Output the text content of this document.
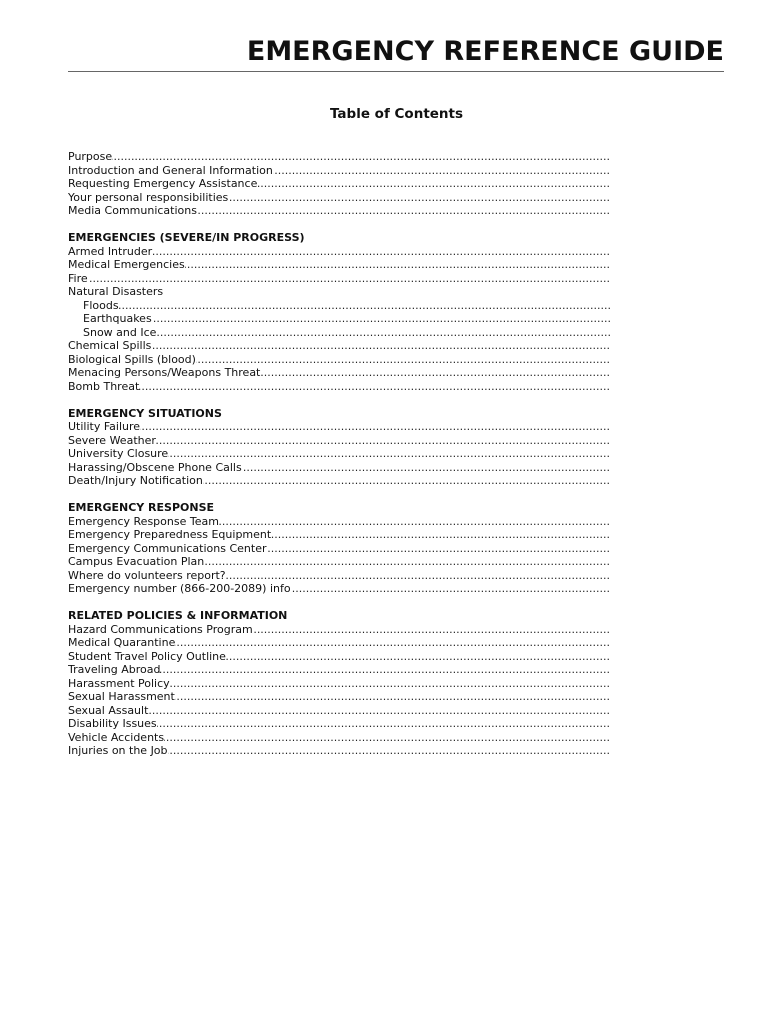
EMERGENCY REFERENCE GUIDE
Table of Contents
.....
Purpose
.....
Introduction and General Information
.....
Requesting Emergency Assistance
.....
Your personal responsibilities
.....
Media Communications
EMERGENCIES (SEVERE/IN PROGRESS)
.....
Armed Intruder
.....
Medical Emergencies
.....
Fire
Natural Disasters
.....
Floods
.....
Earthquakes
.....
Snow and Ice
.....
Chemical Spills
.....
Biological Spills (blood)
.....
Menacing Persons/Weapons Threat
.....
Bomb Threat
EMERGENCY SITUATIONS
.....
Utility Failure
.....
Severe Weather
.....
University Closure
.....
Harassing/Obscene Phone Calls
.....
Death/Injury Notification
EMERGENCY RESPONSE
.....
Emergency Response Team
.....
Emergency Preparedness Equipment
.....
Emergency Communications Center
.....
Campus Evacuation Plan
.....
Where do volunteers report?
.....
Emergency number (866-200-2089) info
RELATED POLICIES & INFORMATION
.....
Hazard Communications Program
.....
Medical Quarantine
.....
Student Travel Policy Outline
.....
Traveling Abroad
.....
Harassment Policy
.....
Sexual Harassment
.....
Sexual Assault
.....
Disability Issues
.....
Vehicle Accidents
.....
Injuries on the Job
